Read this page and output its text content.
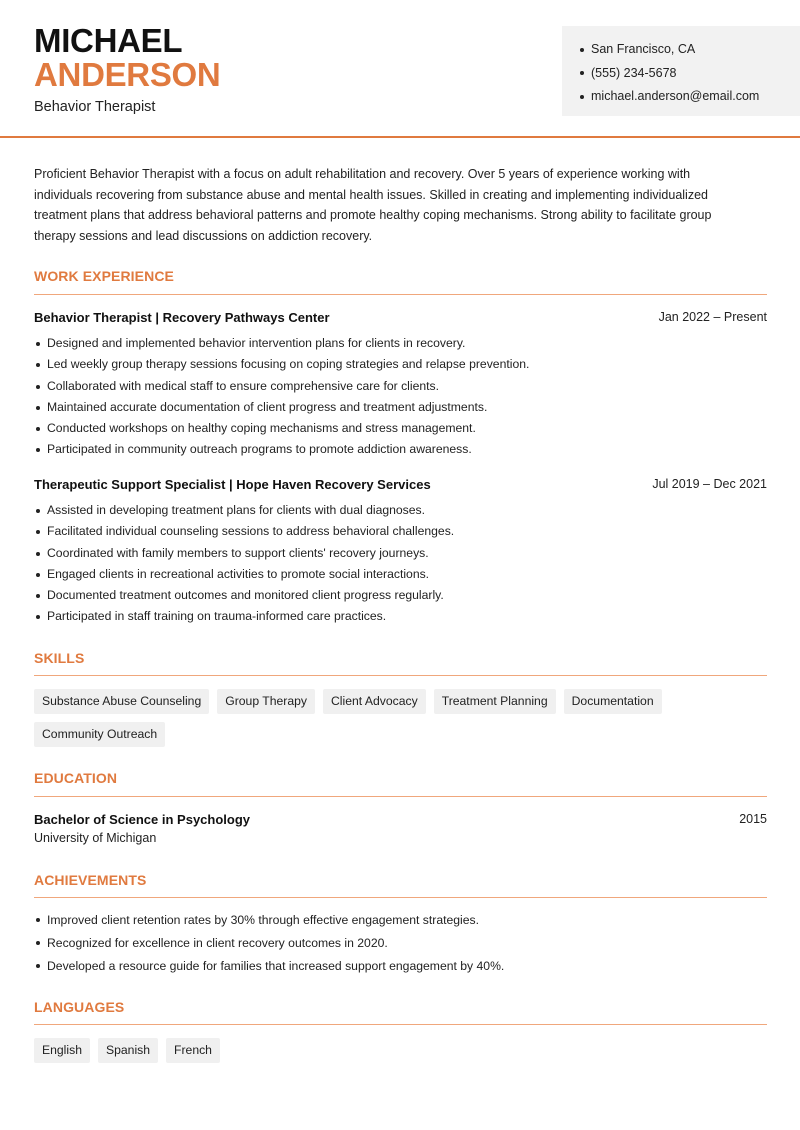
MICHAEL
ANDERSON
Behavior Therapist
San Francisco, CA
(555) 234-5678
michael.anderson@email.com

Proficient Behavior Therapist with a focus on adult rehabilitation and recovery. Over 5 years of experience working with individuals recovering from substance abuse and mental health issues. Skilled in creating and implementing individualized treatment plans that address behavioral patterns and promote healthy coping mechanisms. Strong ability to facilitate group therapy sessions and lead discussions on addiction recovery.

WORK EXPERIENCE
Behavior Therapist | Recovery Pathways Center	Jan 2022 – Present
Designed and implemented behavior intervention plans for clients in recovery.
Led weekly group therapy sessions focusing on coping strategies and relapse prevention.
Collaborated with medical staff to ensure comprehensive care for clients.
Maintained accurate documentation of client progress and treatment adjustments.
Conducted workshops on healthy coping mechanisms and stress management.
Participated in community outreach programs to promote addiction awareness.
Therapeutic Support Specialist | Hope Haven Recovery Services	Jul 2019 – Dec 2021
Assisted in developing treatment plans for clients with dual diagnoses.
Facilitated individual counseling sessions to address behavioral challenges.
Coordinated with family members to support clients' recovery journeys.
Engaged clients in recreational activities to promote social interactions.
Documented treatment outcomes and monitored client progress regularly.
Participated in staff training on trauma-informed care practices.
SKILLS
Substance Abuse Counseling	Group Therapy	Client Advocacy	Treatment Planning	Documentation
Community Outreach
EDUCATION
Bachelor of Science in Psychology	2015
University of Michigan
ACHIEVEMENTS
Improved client retention rates by 30% through effective engagement strategies.
Recognized for excellence in client recovery outcomes in 2020.
Developed a resource guide for families that increased support engagement by 40%.
LANGUAGES
English	Spanish	French
